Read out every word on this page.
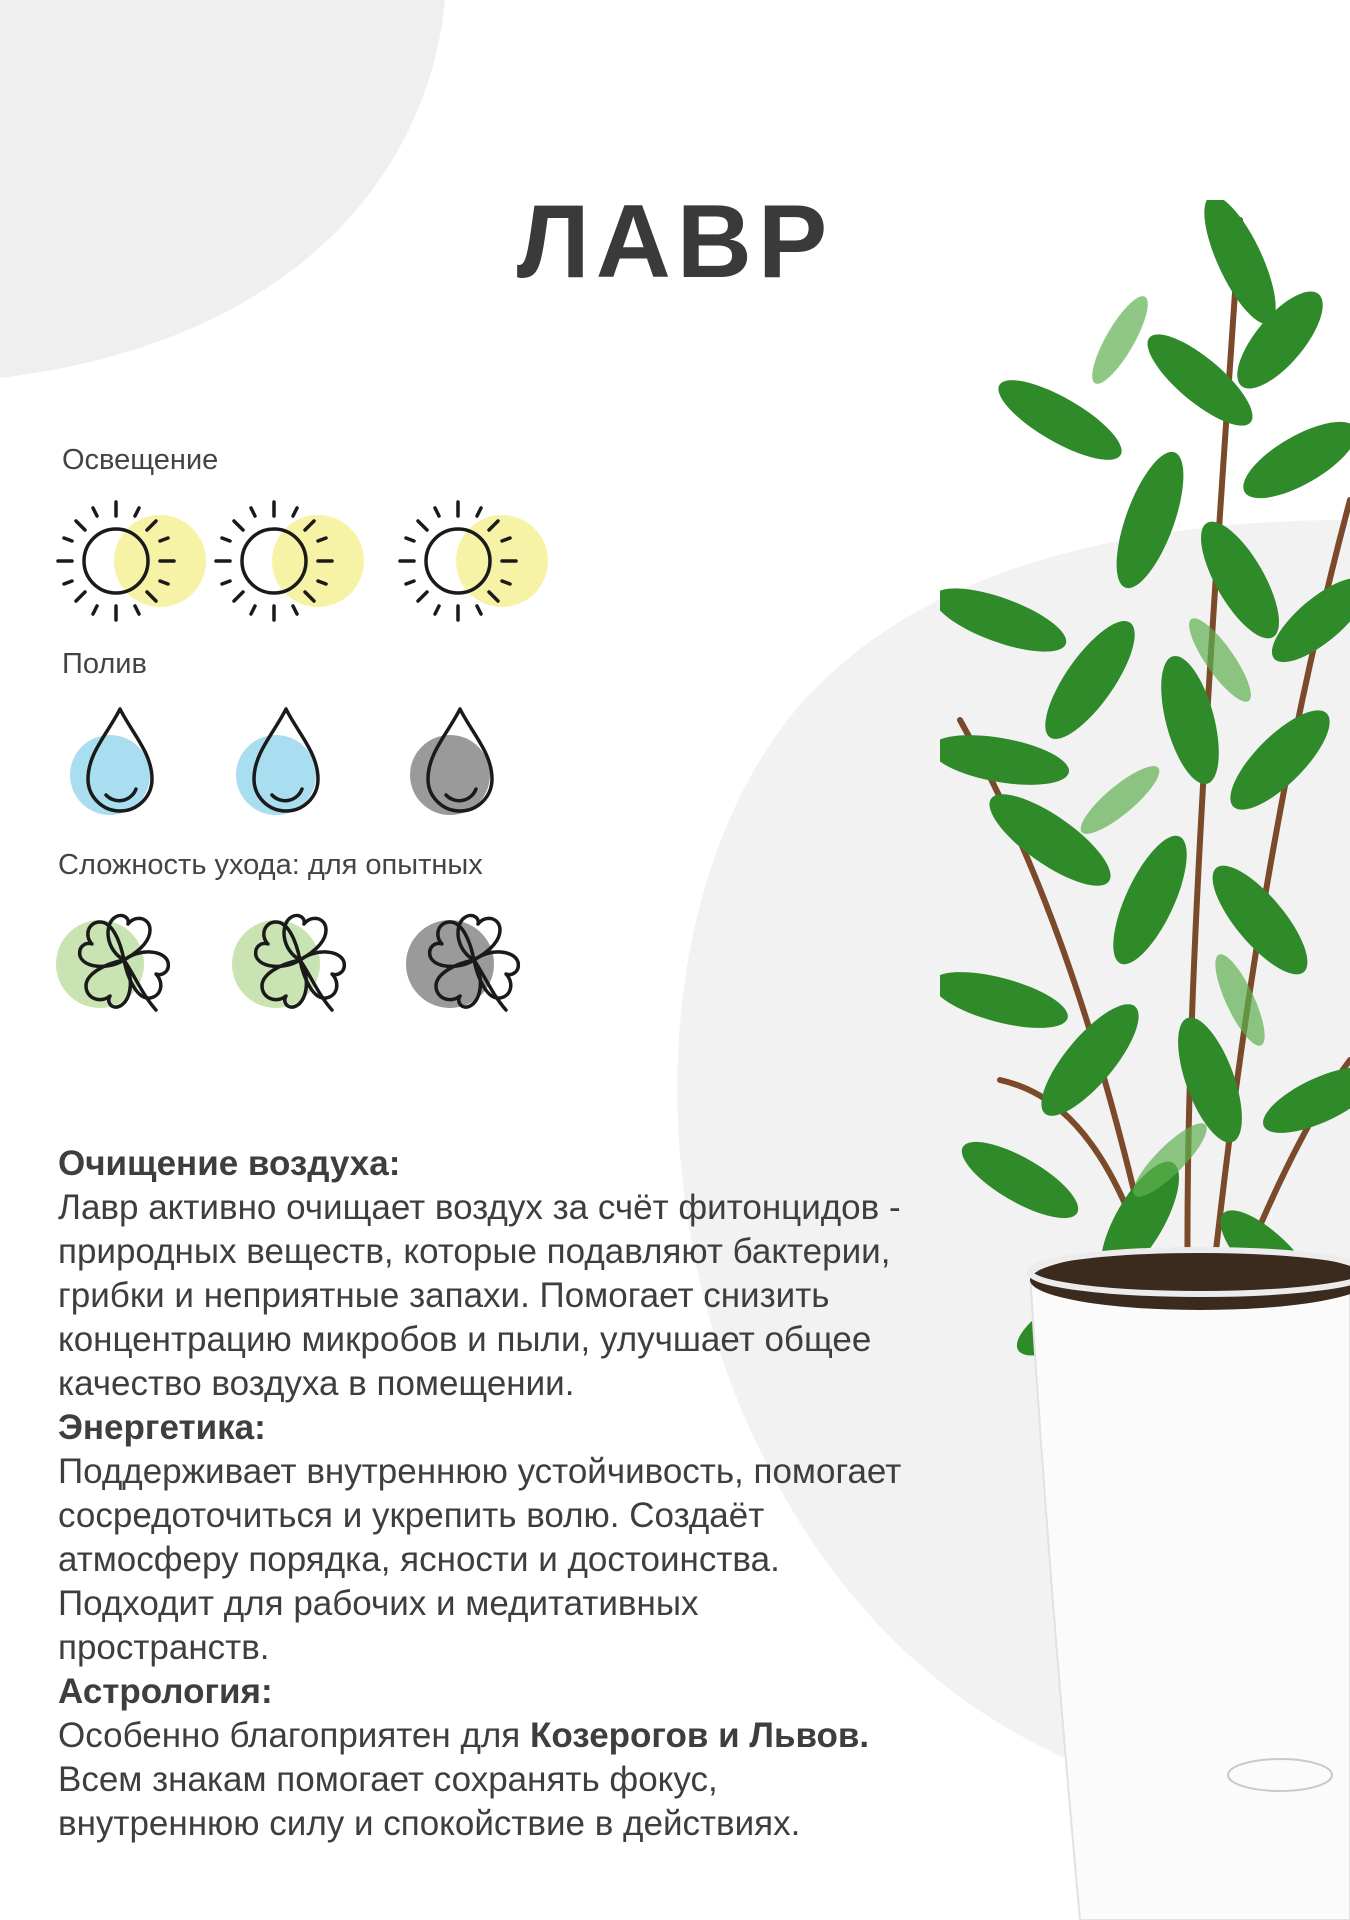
ЛАВР
Освещение
Полив
Сложность ухода: для опытных

Очищение воздуха:

Лавр активно очищает воздух за счёт фитонцидов -

природных веществ, которые подавляют бактерии,

грибки и неприятные запахи. Помогает снизить

концентрацию микробов и пыли, улучшает общее

качество воздуха в помещении.

Энергетика:

Поддерживает внутреннюю устойчивость, помогает

сосредоточиться и укрепить волю. Создаёт

атмосферу порядка, ясности и достоинства.

Подходит для рабочих и медитативных

пространств.

Астрология:

Особенно благоприятен для Козерогов и Львов.

Всем знакам помогает сохранять фокус,

внутреннюю силу и спокойствие в действиях.
